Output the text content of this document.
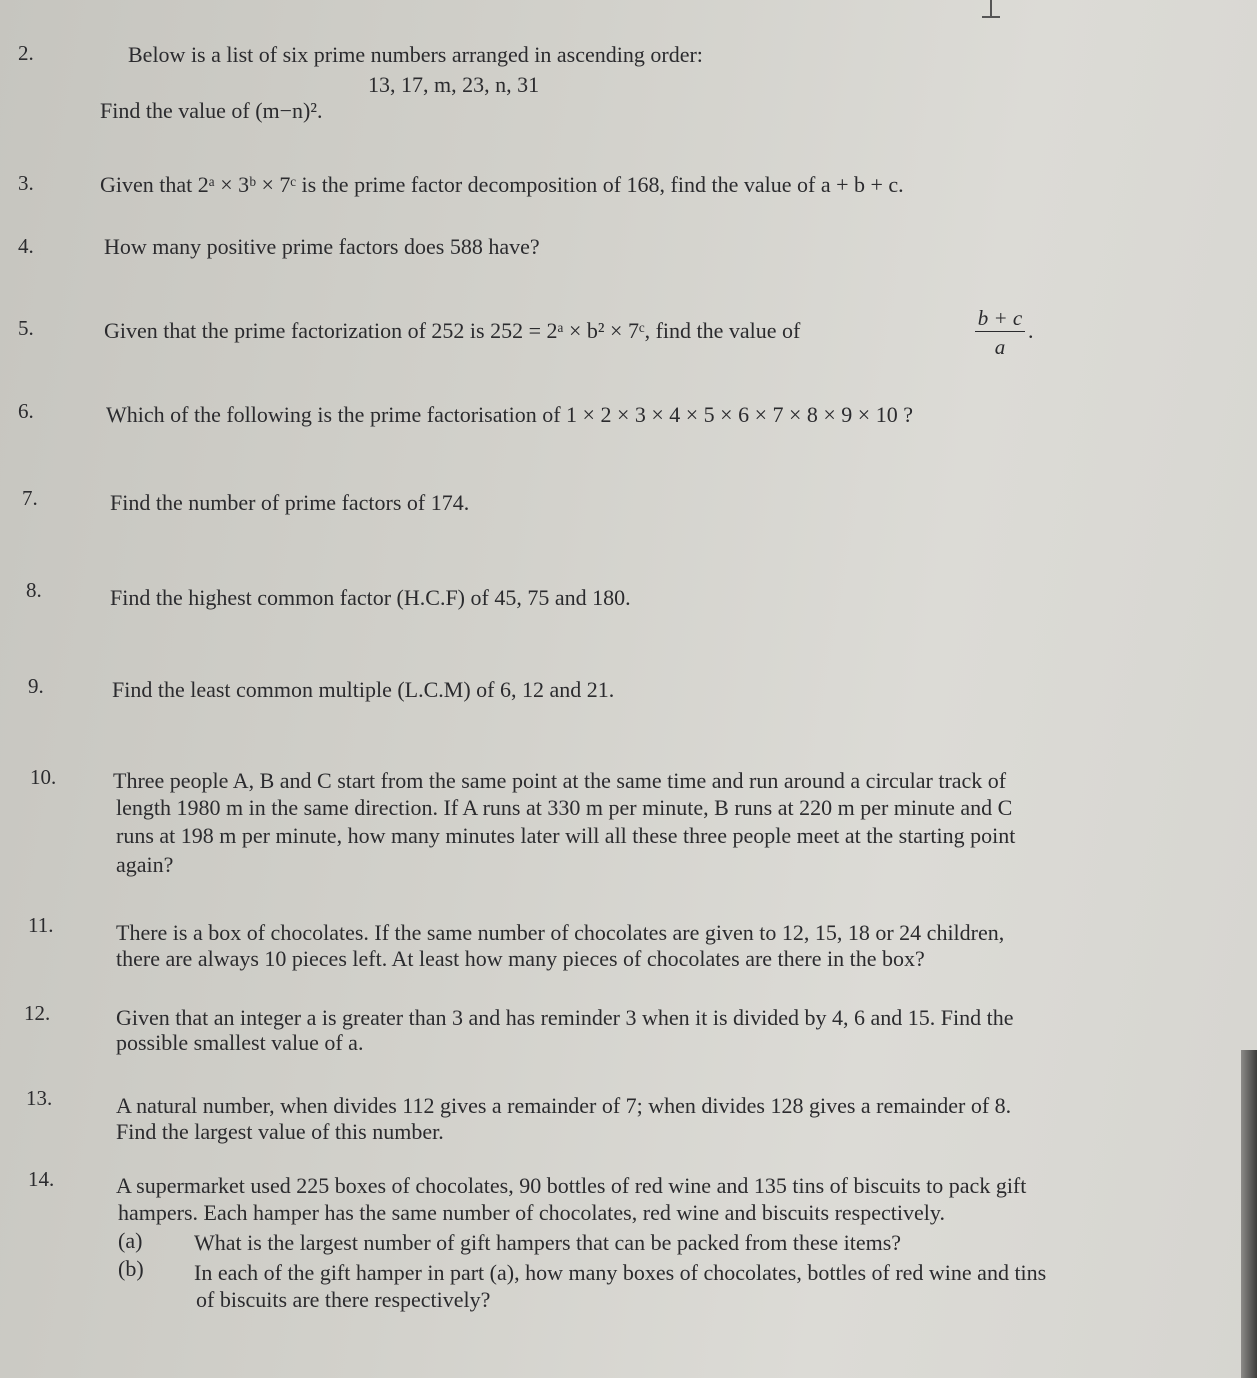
2.	Below is a list of six prime numbers arranged in ascending order:
13, 17, m, 23, n, 31
Find the value of (m−n)².
3.	Given that 2ᵃ × 3ᵇ × 7ᶜ is the prime factor decomposition of 168, find the value of a + b + c.
4.	How many positive prime factors does 588 have?
5.	Given that the prime factorization of 252 is 252 = 2ᵃ × b² × 7ᶜ, find the value of	.
$\frac{b + c}{a}$
6.	Which of the following is the prime factorisation of 1 × 2 × 3 × 4 × 5 × 6 × 7 × 8 × 9 × 10 ?
7.	Find the number of prime factors of 174.
8.	Find the highest common factor (H.C.F) of 45, 75 and 180.
9.	Find the least common multiple (L.C.M) of 6, 12 and 21.
10.	Three people A, B and C start from the same point at the same time and run around a circular track of
length 1980 m in the same direction. If A runs at 330 m per minute, B runs at 220 m per minute and C
runs at 198 m per minute, how many minutes later will all these three people meet at the starting point
again?
11.	There is a box of chocolates. If the same number of chocolates are given to 12, 15, 18 or 24 children,
there are always 10 pieces left. At least how many pieces of chocolates are there in the box?
12.	Given that an integer a is greater than 3 and has reminder 3 when it is divided by 4, 6 and 15. Find the
possible smallest value of a.
13.	A natural number, when divides 112 gives a remainder of 7; when divides 128 gives a remainder of 8.
Find the largest value of this number.
14.	A supermarket used 225 boxes of chocolates, 90 bottles of red wine and 135 tins of biscuits to pack gift
hampers. Each hamper has the same number of chocolates, red wine and biscuits respectively.
(a) What is the largest number of gift hampers that can be packed from these items?
(b) In each of the gift hamper in part (a), how many boxes of chocolates, bottles of red wine and tins
of biscuits are there respectively?
